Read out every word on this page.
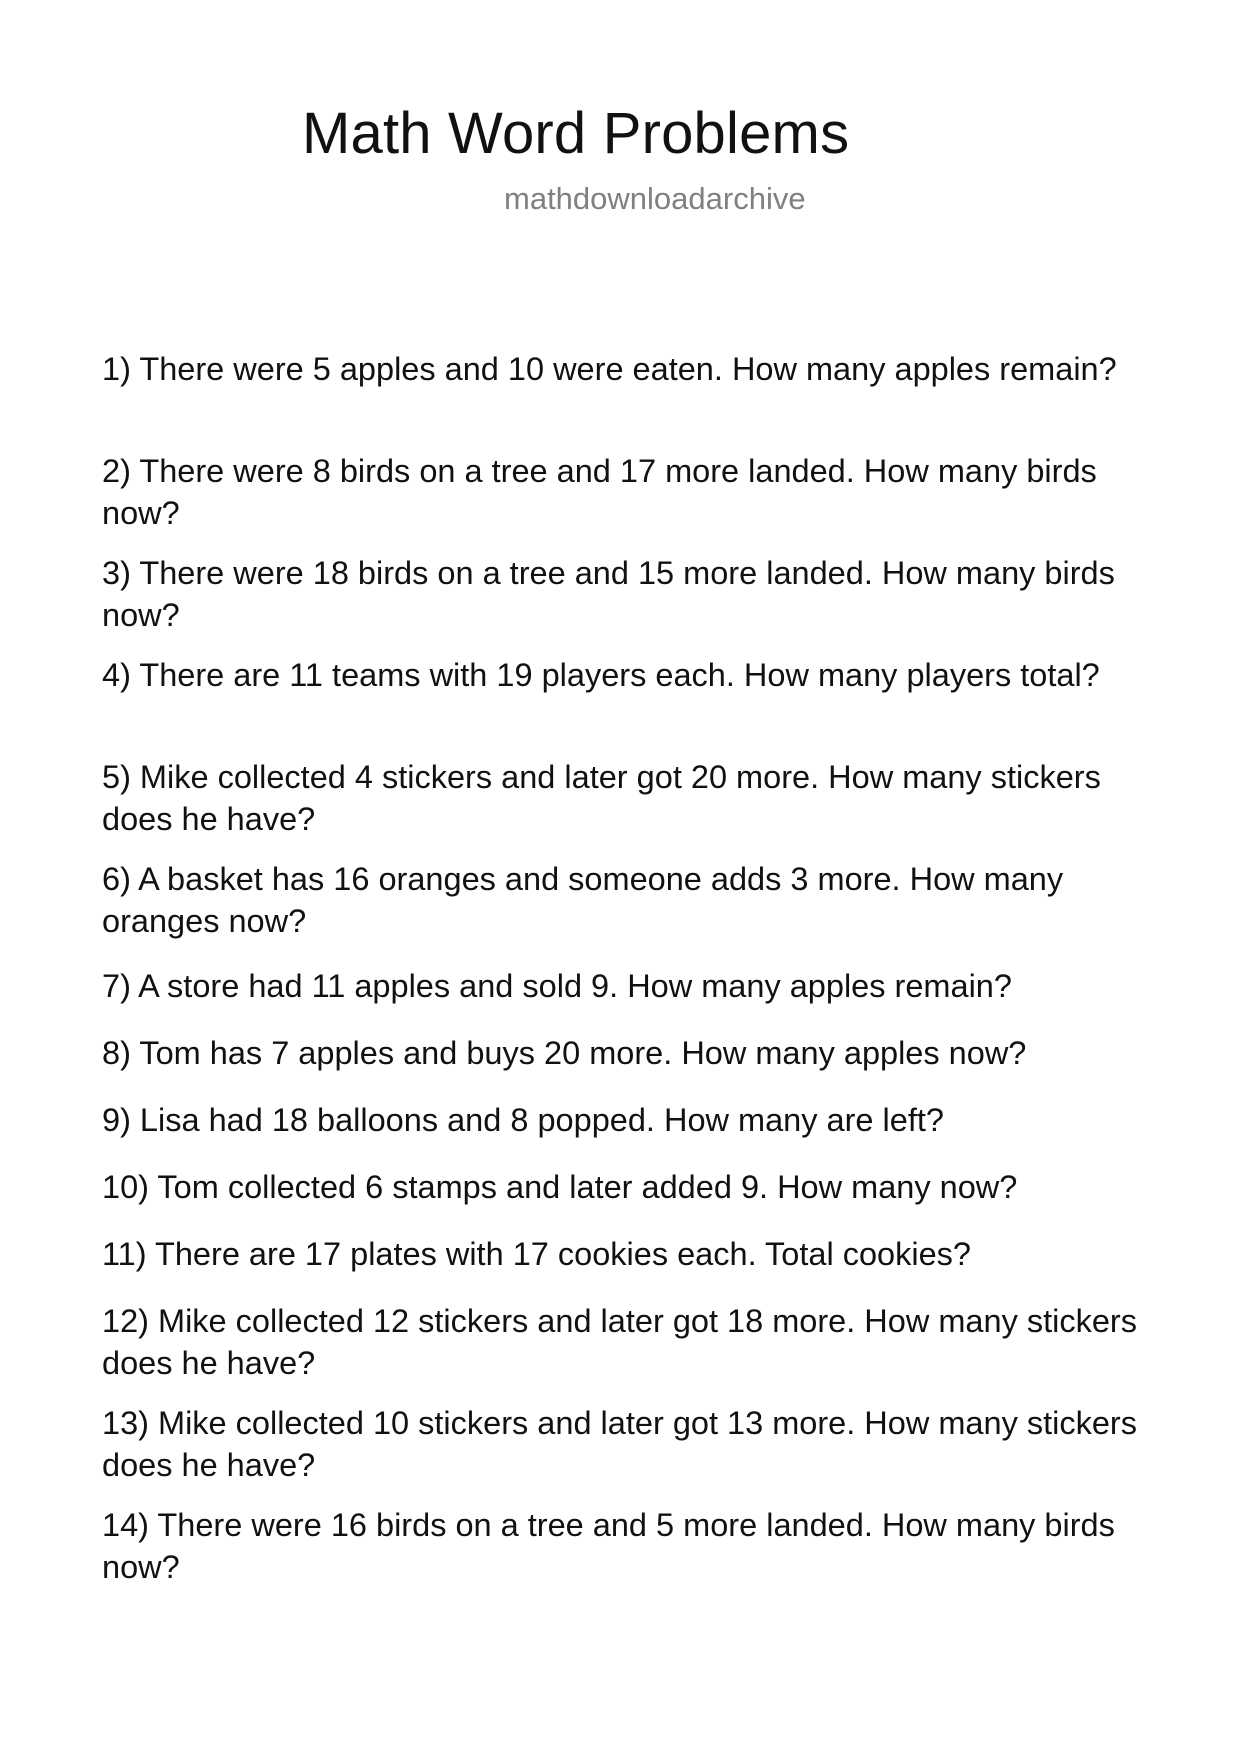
Math Word Problems
mathdownloadarchive
1) There were 5 apples and 10 were eaten. How many apples remain?
2) There were 8 birds on a tree and 17 more landed. How many birds now?
3) There were 18 birds on a tree and 15 more landed. How many birds now?
4) There are 11 teams with 19 players each. How many players total?
5) Mike collected 4 stickers and later got 20 more. How many stickers does he have?
6) A basket has 16 oranges and someone adds 3 more. How many oranges now?
7) A store had 11 apples and sold 9. How many apples remain?
8) Tom has 7 apples and buys 20 more. How many apples now?
9) Lisa had 18 balloons and 8 popped. How many are left?
10) Tom collected 6 stamps and later added 9. How many now?
11) There are 17 plates with 17 cookies each. Total cookies?
12) Mike collected 12 stickers and later got 18 more. How many stickers does he have?
13) Mike collected 10 stickers and later got 13 more. How many stickers does he have?
14) There were 16 birds on a tree and 5 more landed. How many birds now?
